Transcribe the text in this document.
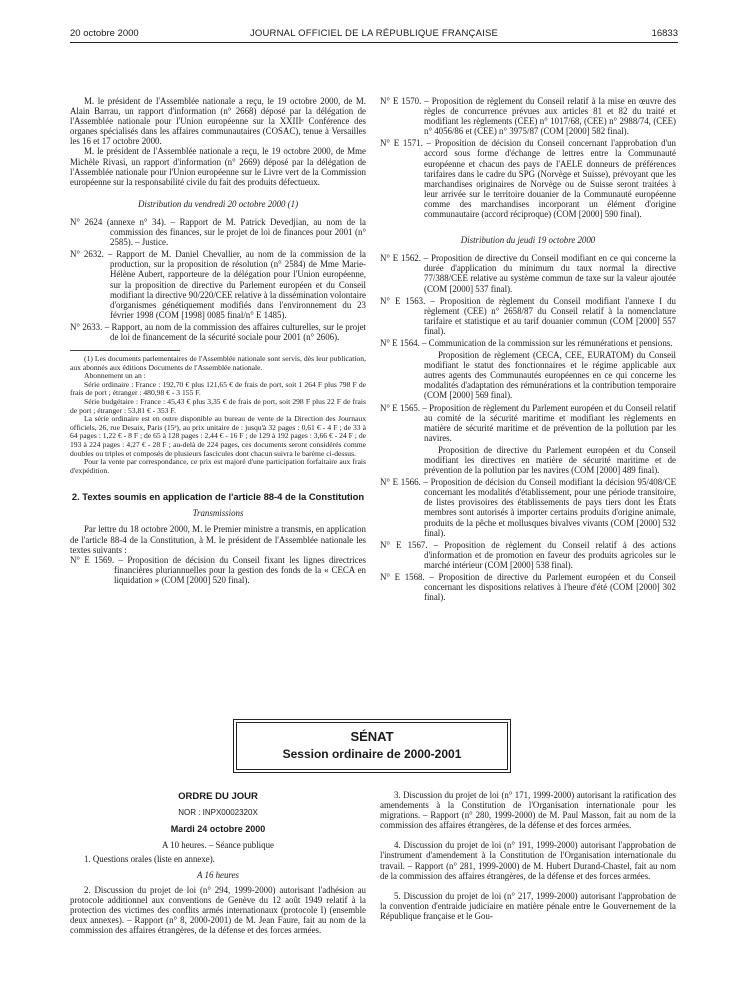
20 octobre 2000	JOURNAL OFFICIEL DE LA RÉPUBLIQUE FRANÇAISE	16833

M. le président de l'Assemblée nationale a reçu, le 19 octobre 2000, de M. Alain Barrau, un rapport d'information (n° 2668) déposé par la délégation de l'Assemblée nationale pour l'Union européenne sur la XXIIIᵉ Conférence des organes spécialisés dans les affaires communautaires (COSAC), tenue à Versailles les 16 et 17 octobre 2000.

M. le président de l'Assemblée nationale a reçu, le 19 octobre 2000, de Mme Michèle Rivasi, un rapport d'information (n° 2669) déposé par la délégation de l'Assemblée nationale pour l'Union européenne sur le Livre vert de la Commission européenne sur la responsabilité civile du fait des produits défectueux.

Distribution du vendredi 20 octobre 2000 (1)

N° 2624 (annexe n° 34). – Rapport de M. Patrick Devedjian, au nom de la commission des finances, sur le projet de loi de finances pour 2001 (n° 2585). – Justice.

N° 2632. – Rapport de M. Daniel Chevallier, au nom de la commission de la production, sur la proposition de résolution (n° 2584) de Mme Marie-Hélène Aubert, rapporteure de la délégation pour l'Union européenne, sur la proposition de directive du Parlement européen et du Conseil modifiant la directive 90/220/CEE relative à la dissémination volontaire d'organismes génétiquement modifiés dans l'environnement du 23 février 1998 (COM [1998] 0085 final/n° E 1485).

N° 2633. – Rapport, au nom de la commission des affaires culturelles, sur le projet de loi de financement de la sécurité sociale pour 2001 (n° 2606).

(1) Les documents parlementaires de l'Assemblée nationale sont servis, dès leur publication, aux abonnés aux éditions Documents de l'Assemblée nationale.

Abonnement un an :

Série ordinaire : France : 192,70 € plus 121,65 € de frais de port, soit 1 264 F plus 798 F de frais de port ; étranger : 480,98 € - 3 155 F.

Série budgétaire : France : 45,43 € plus 3,35 € de frais de port, soit 298 F plus 22 F de frais de port ; étranger : 53,81 € - 353 F.

La série ordinaire est en outre disponible au bureau de vente de la Direction des Journaux officiels, 26, rue Desaix, Paris (15ᵉ), au prix unitaire de : jusqu'à 32 pages : 0,61 € - 4 F ; de 33 à 64 pages : 1,22 € - 8 F ; de 65 à 128 pages : 2,44 € - 16 F ; de 129 à 192 pages : 3,66 € - 24 F ; de 193 à 224 pages : 4,27 € - 28 F ; au-delà de 224 pages, ces documents seront considérés comme doubles ou triples et composés de plusieurs fascicules dont chacun suivra le barème ci-dessus.

Pour la vente par correspondance, ce prix est majoré d'une participation forfaitaire aux frais d'expédition.

2. Textes soumis en application de l'article 88-4 de la Constitution

Transmissions

Par lettre du 18 octobre 2000, M. le Premier ministre a transmis, en application de l'article 88-4 de la Constitution, à M. le président de l'Assemblée nationale les textes suivants :

N° E 1569. – Proposition de décision du Conseil fixant les lignes directrices financières pluriannuelles pour la gestion des fonds de la « CECA en liquidation » (COM [2000] 520 final).

N° E 1570. – Proposition de règlement du Conseil relatif à la mise en œuvre des règles de concurrence prévues aux articles 81 et 82 du traité et modifiant les règlements (CEE) n° 1017/68, (CEE) n° 2988/74, (CEE) n° 4056/86 et (CEE) n° 3975/87 (COM [2000] 582 final).

N° E 1571. – Proposition de décision du Conseil concernant l'approbation d'un accord sous forme d'échange de lettres entre la Communauté européenne et chacun des pays de l'AELE donneurs de préférences tarifaires dans le cadre du SPG (Norvège et Suisse), prévoyant que les marchandises originaires de Norvège ou de Suisse seront traitées à leur arrivée sur le territoire douanier de la Communauté européenne comme des marchandises incorporant un élément d'origine communautaire (accord réciproque) (COM [2000] 590 final).

Distribution du jeudi 19 octobre 2000

N° E 1562. – Proposition de directive du Conseil modifiant en ce qui concerne la durée d'application du minimum du taux normal la directive 77/388/CEE relative au système commun de taxe sur la valeur ajoutée (COM [2000] 537 final).

N° E 1563. – Proposition de règlement du Conseil modifiant l'annexe I du règlement (CEE) n° 2658/87 du Conseil relatif à la nomenclature tarifaire et statistique et au tarif douanier commun (COM [2000] 557 final).

N° E 1564. – Communication de la commission sur les rémunérations et pensions.

Proposition de règlement (CECA, CEE, EURATOM) du Conseil modifiant le statut des fonctionnaires et le régime applicable aux autres agents des Communautés européennes en ce qui concerne les modalités d'adaptation des rémunérations et la contribution temporaire (COM [2000] 569 final).

N° E 1565. – Proposition de règlement du Parlement européen et du Conseil relatif au comité de la sécurité maritime et modifiant les règlements en matière de sécurité maritime et de prévention de la pollution par les navires.

Proposition de directive du Parlement européen et du Conseil modifiant les directives en matière de sécurité maritime et de prévention de la pollution par les navires (COM [2000] 489 final).

N° E 1566. – Proposition de décision du Conseil modifiant la décision 95/408/CE concernant les modalités d'établissement, pour une période transitoire, de listes provisoires des établissements de pays tiers dont les États membres sont autorisés à importer certains produits d'origine animale, produits de la pêche et mollusques bivalves vivants (COM [2000] 532 final).

N° E 1567. – Proposition de règlement du Conseil relatif à des actions d'information et de promotion en faveur des produits agricoles sur le marché intérieur (COM [2000] 538 final).

N° E 1568. – Proposition de directive du Parlement européen et du Conseil concernant les dispositions relatives à l'heure d'été (COM [2000] 302 final).

SÉNAT
Session ordinaire de 2000-2001

ORDRE DU JOUR

NOR : INPX0002320X

Mardi 24 octobre 2000

A 10 heures. – Séance publique

1. Questions orales (liste en annexe).

A 16 heures

2. Discussion du projet de loi (n° 294, 1999-2000) autorisant l'adhésion au protocole additionnel aux conventions de Genève du 12 août 1949 relatif à la protection des victimes des conflits armés internationaux (protocole I) (ensemble deux annexes). – Rapport (n° 8, 2000-2001) de M. Jean Faure, fait au nom de la commission des affaires étrangères, de la défense et des forces armées.

3. Discussion du projet de loi (n° 171, 1999-2000) autorisant la ratification des amendements à la Constitution de l'Organisation internationale pour les migrations. – Rapport (n° 280, 1999-2000) de M. Paul Masson, fait au nom de la commission des affaires étrangères, de la défense et des forces armées.

4. Discussion du projet de loi (n° 191, 1999-2000) autorisant l'approbation de l'instrument d'amendement à la Constitution de l'Organisation internationale du travail. – Rapport (n° 281, 1999-2000) de M. Hubert Durand-Chastel, fait au nom de la commission des affaires étrangères, de la défense et des forces armées.

5. Discussion du projet de loi (n° 217, 1999-2000) autorisant l'approbation de la convention d'entraide judiciaire en matière pénale entre le Gouvernement de la République française et le Gou-
